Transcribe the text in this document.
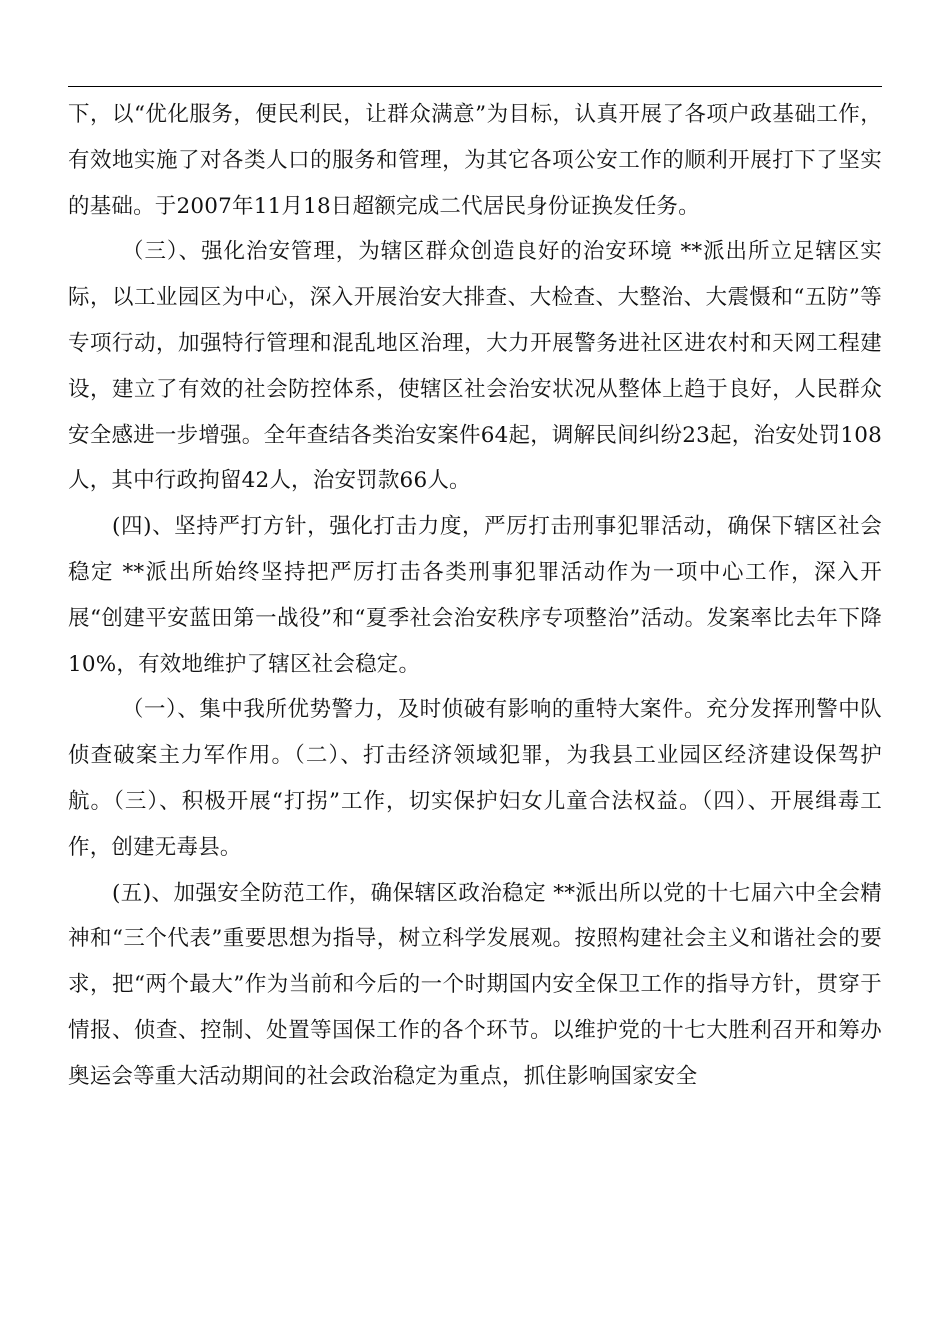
下，以“优化服务，便民利民，让群众满意”为目标，认真开展了各项户政基础工作，有效地实施了对各类人口的服务和管理，为其它各项公安工作的顺利开展打下了坚实的基础。于2007年11月18日超额完成二代居民身份证换发任务。

（三）、强化治安管理，为辖区群众创造良好的治安环境 **派出所立足辖区实际，以工业园区为中心，深入开展治安大排查、大检查、大整治、大震慑和“五防”等专项行动，加强特行管理和混乱地区治理，大力开展警务进社区进农村和天网工程建设，建立了有效的社会防控体系，使辖区社会治安状况从整体上趋于良好，人民群众安全感进一步增强。全年查结各类治安案件64起，调解民间纠纷23起，治安处罚108人，其中行政拘留42人，治安罚款66人。

(四)、坚持严打方针，强化打击力度，严厉打击刑事犯罪活动，确保下辖区社会稳定 **派出所始终坚持把严厉打击各类刑事犯罪活动作为一项中心工作，深入开展“创建平安蓝田第一战役”和“夏季社会治安秩序专项整治”活动。发案率比去年下降10%，有效地维护了辖区社会稳定。

（一）、集中我所优势警力，及时侦破有影响的重特大案件。充分发挥刑警中队侦查破案主力军作用。（二）、打击经济领域犯罪，为我县工业园区经济建设保驾护航。（三）、积极开展“打拐”工作，切实保护妇女儿童合法权益。（四）、开展缉毒工作，创建无毒县。

(五)、加强安全防范工作，确保辖区政治稳定 **派出所以党的十七届六中全会精神和“三个代表”重要思想为指导，树立科学发展观。按照构建社会主义和谐社会的要求，把“两个最大”作为当前和今后的一个时期国内安全保卫工作的指导方针，贯穿于情报、侦查、控制、处置等国保工作的各个环节。以维护党的十七大胜利召开和筹办奥运会等重大活动期间的社会政治稳定为重点，抓住影响国家安全
